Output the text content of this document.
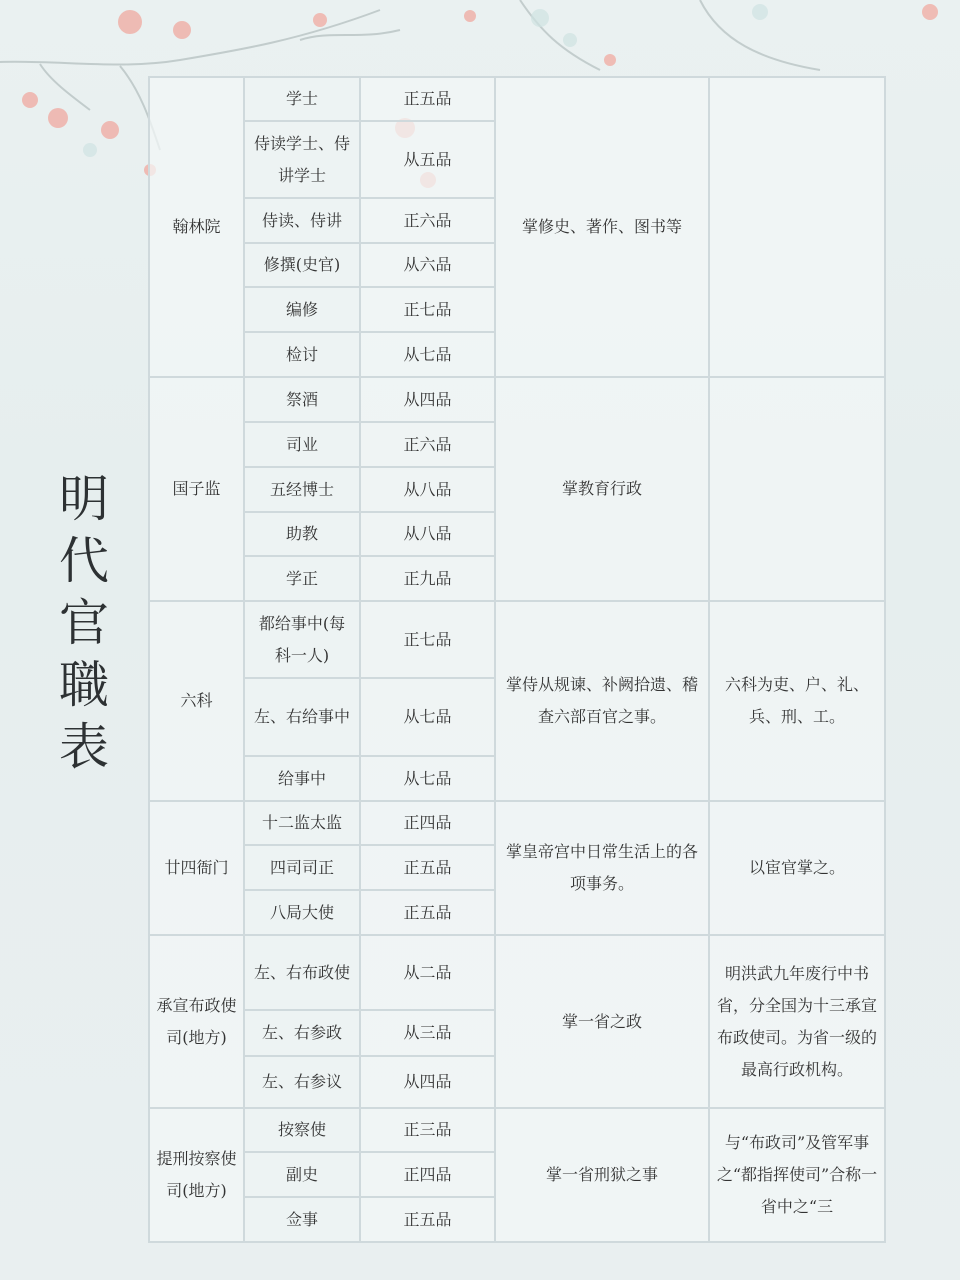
明
代
官
職
表
翰林院	学士	正五品	掌修史、著作、图书等	
	侍读学士、侍讲学士	从五品		
	侍读、侍讲	正六品		
	修撰(史官)	从六品		
	编修	正七品		
	检讨	从七品		
国子监	祭酒	从四品	掌教育行政	
	司业	正六品		
	五经博士	从八品		
	助教	从八品		
	学正	正九品		
六科	都给事中(每科一人)	正七品	掌侍从规谏、补阙拾遗、稽查六部百官之事。	六科为吏、户、礼、兵、刑、工。
	左、右给事中	从七品		
	给事中	从七品		
廿四衙门	十二监太监	正四品	掌皇帝宫中日常生活上的各项事务。	以宦官掌之。
	四司司正	正五品		
	八局大使	正五品		
承宣布政使司(地方)	左、右布政使	从二品	掌一省之政	明洪武九年废行中书省，分全国为十三承宣布政使司。为省一级的最高行政机构。
	左、右参政	从三品		
	左、右参议	从四品		
提刑按察使司(地方)	按察使	正三品	掌一省刑狱之事	与“布政司”及管军事之“都指挥使司”合称一省中之“三
	副史	正四品		
	佥事	正五品		
